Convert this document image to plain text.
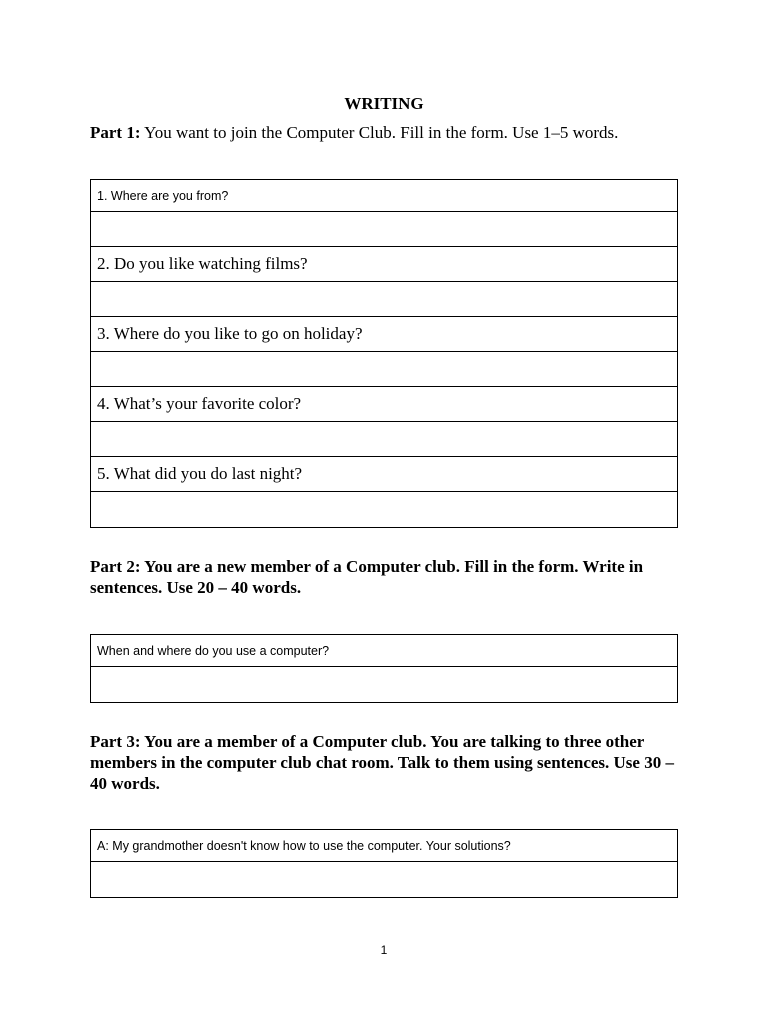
WRITING
Part 1: You want to join the Computer Club. Fill in the form. Use 1–5 words.
1. Where are you from?
2. Do you like watching films?
3. Where do you like to go on holiday?
4. What’s your favorite color?
5. What did you do last night?
Part 2: You are a new member of a Computer club. Fill in the form. Write in sentences. Use 20 – 40 words.
When and where do you use a computer?
Part 3: You are a member of a Computer club. You are talking to three other members in the computer club chat room. Talk to them using sentences. Use 30 – 40 words.
A: My grandmother doesn't know how to use the computer. Your solutions?
1
